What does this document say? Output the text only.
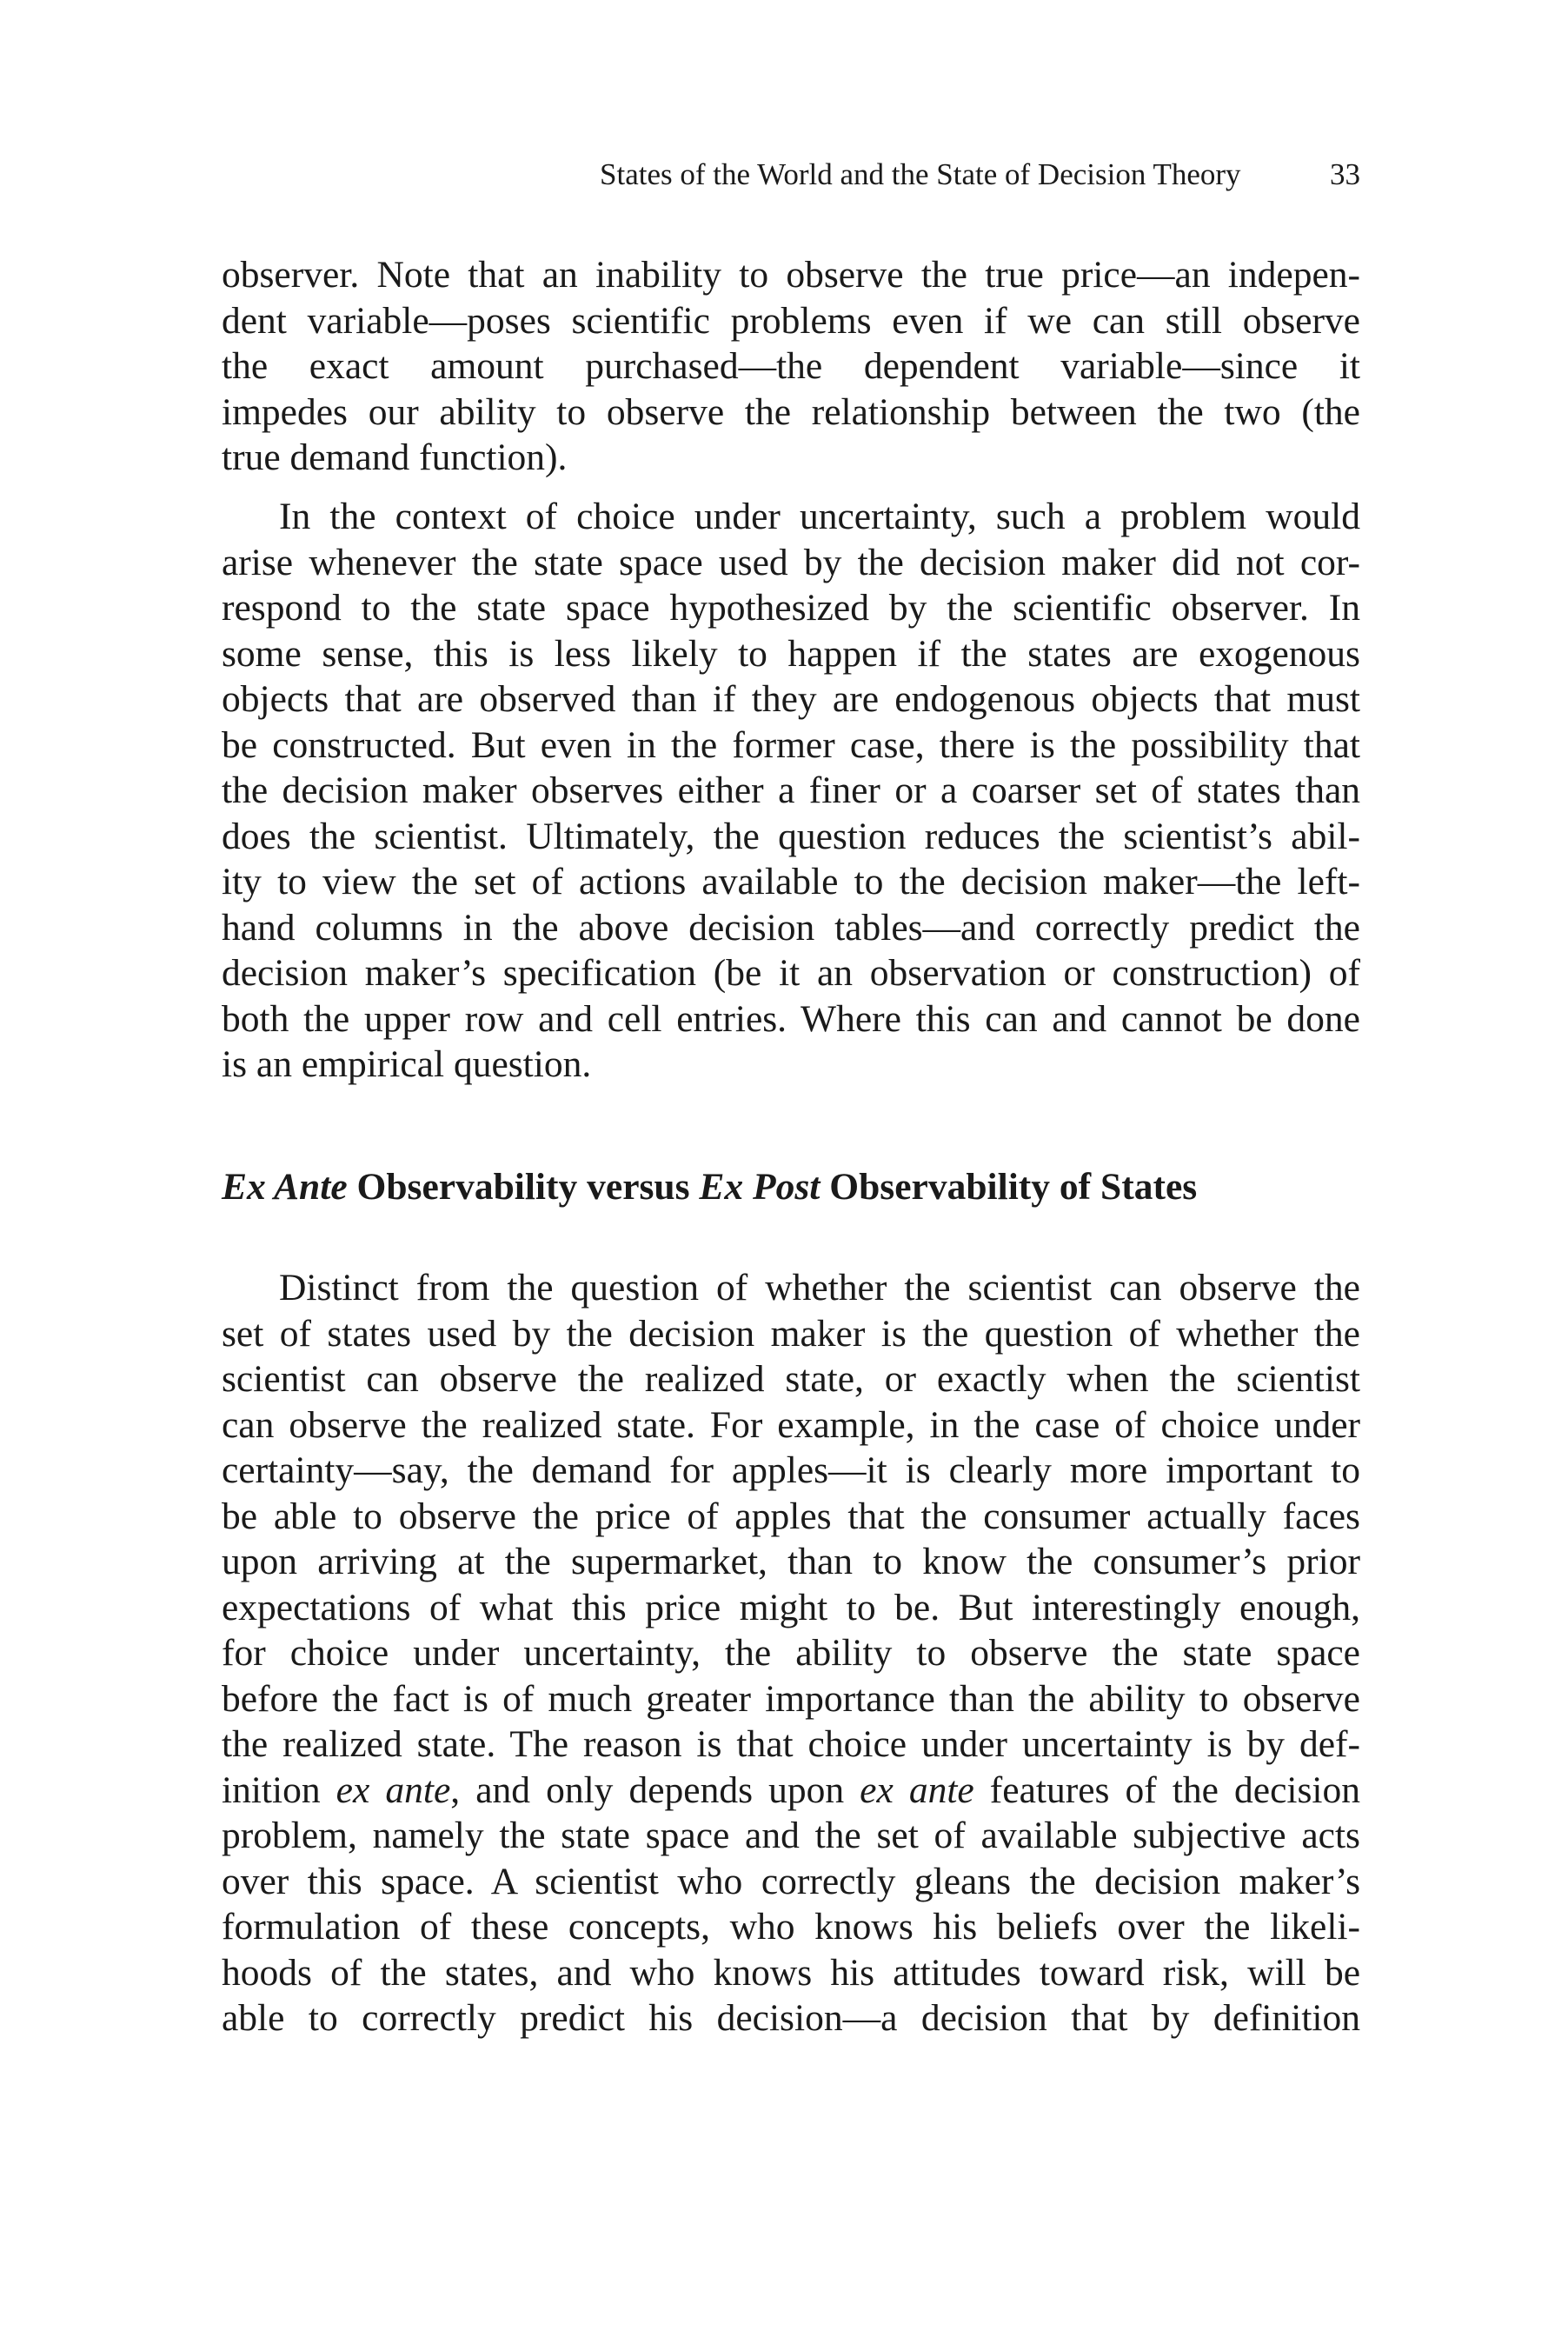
States of the World and the State of Decision Theory	33
observer. Note that an inability to observe the true price—an indepen-
dent variable—poses scientific problems even if we can still observe
the exact amount purchased—the dependent variable—since it
impedes our ability to observe the relationship between the two (the
true demand function).
In the context of choice under uncertainty, such a problem would
arise whenever the state space used by the decision maker did not cor-
respond to the state space hypothesized by the scientific observer. In
some sense, this is less likely to happen if the states are exogenous
objects that are observed than if they are endogenous objects that must
be constructed. But even in the former case, there is the possibility that
the decision maker observes either a finer or a coarser set of states than
does the scientist. Ultimately, the question reduces the scientist’s abil-
ity to view the set of actions available to the decision maker—the left-
hand columns in the above decision tables—and correctly predict the
decision maker’s specification (be it an observation or construction) of
both the upper row and cell entries. Where this can and cannot be done
is an empirical question.
Ex Ante Observability versus Ex Post Observability of States
Distinct from the question of whether the scientist can observe the
set of states used by the decision maker is the question of whether the
scientist can observe the realized state, or exactly when the scientist
can observe the realized state. For example, in the case of choice under
certainty—say, the demand for apples—it is clearly more important to
be able to observe the price of apples that the consumer actually faces
upon arriving at the supermarket, than to know the consumer’s prior
expectations of what this price might to be. But interestingly enough,
for choice under uncertainty, the ability to observe the state space
before the fact is of much greater importance than the ability to observe
the realized state. The reason is that choice under uncertainty is by def-
inition ex ante, and only depends upon ex ante features of the decision
problem, namely the state space and the set of available subjective acts
over this space. A scientist who correctly gleans the decision maker’s
formulation of these concepts, who knows his beliefs over the likeli-
hoods of the states, and who knows his attitudes toward risk, will be
able to correctly predict his decision—a decision that by definition
